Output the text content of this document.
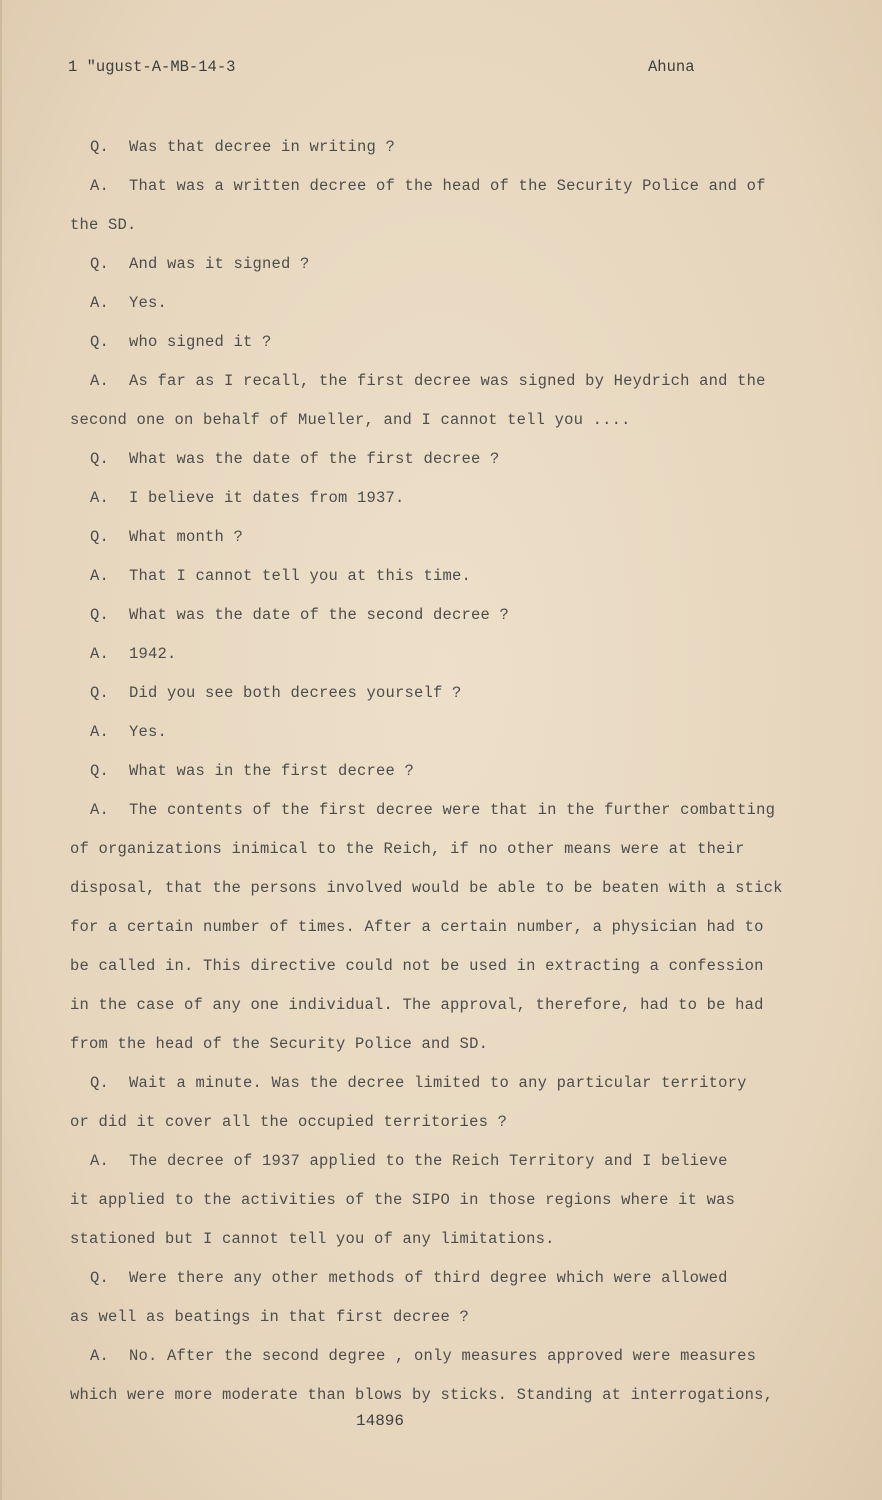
1 "ugust-A-MB-14-3	Ahuna
Q. Was that decree in writing ?
A. That was a written decree of the head of the Security Police and of
the SD.
Q. And was it signed ?
A. Yes.
Q. who signed it ?
A. As far as I recall, the first decree was signed by Heydrich and the
second one on behalf of Mueller, and I cannot tell you ....
Q. What was the date of the first decree ?
A. I believe it dates from 1937.
Q. What month ?
A. That I cannot tell you at this time.
Q. What was the date of the second decree ?
A. 1942.
Q. Did you see both decrees yourself ?
A. Yes.
Q. What was in the first decree ?
A. The contents of the first decree were that in the further combatting
of organizations inimical to the Reich, if no other means were at their
disposal, that the persons involved would be able to be beaten with a stick
for a certain number of times. After a certain number, a physician had to
be called in. This directive could not be used in extracting a confession
in the case of any one individual. The approval, therefore, had to be had
from the head of the Security Police and SD.
Q. Wait a minute. Was the decree limited to any particular territory
or did it cover all the occupied territories ?
A. The decree of 1937 applied to the Reich Territory and I believe
it applied to the activities of the SIPO in those regions where it was
stationed but I cannot tell you of any limitations.
Q. Were there any other methods of third degree which were allowed
as well as beatings in that first decree ?
A. No. After the second degree , only measures approved were measures
which were more moderate than blows by sticks. Standing at interrogations,
14896
